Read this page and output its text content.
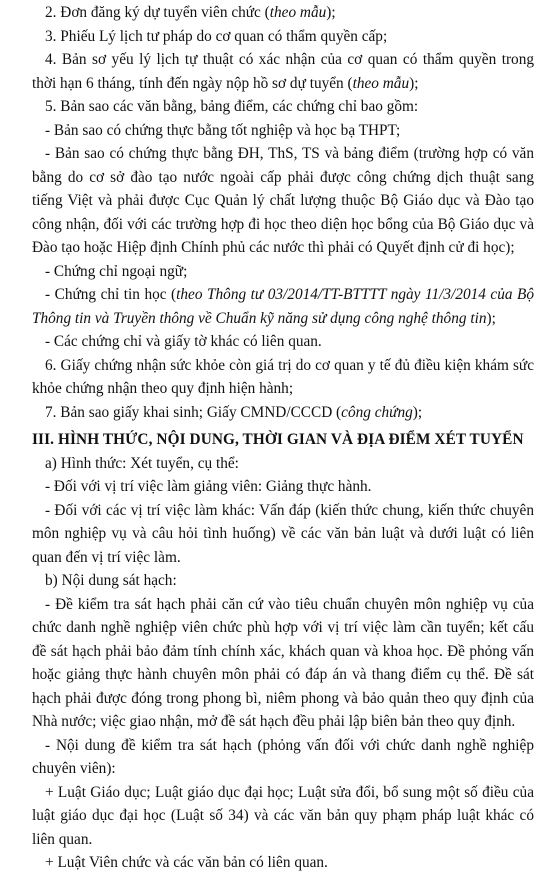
2. Đơn đăng ký dự tuyển viên chức (theo mẫu);

3. Phiếu Lý lịch tư pháp do cơ quan có thẩm quyền cấp;

4. Bản sơ yếu lý lịch tự thuật có xác nhận của cơ quan có thẩm quyền trong thời hạn 6 tháng, tính đến ngày nộp hồ sơ dự tuyển (theo mẫu);

5. Bản sao các văn bằng, bảng điểm, các chứng chỉ bao gồm:

- Bản sao có chứng thực bằng tốt nghiệp và học bạ THPT;

- Bản sao có chứng thực bằng ĐH, ThS, TS và bảng điểm (trường hợp có văn bằng do cơ sở đào tạo nước ngoài cấp phải được công chứng dịch thuật sang tiếng Việt và phải được Cục Quản lý chất lượng thuộc Bộ Giáo dục và Đào tạo công nhận, đối với các trường hợp đi học theo diện học bổng của Bộ Giáo dục và Đào tạo hoặc Hiệp định Chính phủ các nước thì phải có Quyết định cử đi học);

- Chứng chỉ ngoại ngữ;

- Chứng chỉ tin học (theo Thông tư 03/2014/TT-BTTTT ngày 11/3/2014 của Bộ Thông tin và Truyền thông về Chuẩn kỹ năng sử dụng công nghệ thông tin);

- Các chứng chỉ và giấy tờ khác có liên quan.

6. Giấy chứng nhận sức khỏe còn giá trị do cơ quan y tế đủ điều kiện khám sức khỏe chứng nhận theo quy định hiện hành;

7. Bản sao giấy khai sinh; Giấy CMND/CCCD (công chứng);

III. HÌNH THỨC, NỘI DUNG, THỜI GIAN VÀ ĐỊA ĐIỂM XÉT TUYỂN

a) Hình thức: Xét tuyển, cụ thể:

- Đối với vị trí việc làm giảng viên: Giảng thực hành.

- Đối với các vị trí việc làm khác: Vấn đáp (kiến thức chung, kiến thức chuyên môn nghiệp vụ và câu hỏi tình huống) về các văn bản luật và dưới luật có liên quan đến vị trí việc làm.

b) Nội dung sát hạch:

- Đề kiểm tra sát hạch phải căn cứ vào tiêu chuẩn chuyên môn nghiệp vụ của chức danh nghề nghiệp viên chức phù hợp với vị trí việc làm cần tuyển; kết cấu đề sát hạch phải bảo đảm tính chính xác, khách quan và khoa học. Đề phỏng vấn hoặc giảng thực hành chuyên môn phải có đáp án và thang điểm cụ thể. Đề sát hạch phải được đóng trong phong bì, niêm phong và bảo quản theo quy định của Nhà nước; việc giao nhận, mở đề sát hạch đều phải lập biên bản theo quy định.

- Nội dung đề kiểm tra sát hạch (phỏng vấn đối với chức danh nghề nghiệp chuyên viên):

+ Luật Giáo dục; Luật giáo dục đại học; Luật sửa đổi, bổ sung một số điều của luật giáo dục đại học (Luật số 34) và các văn bản quy phạm pháp luật khác có liên quan.

+ Luật Viên chức và các văn bản có liên quan.
